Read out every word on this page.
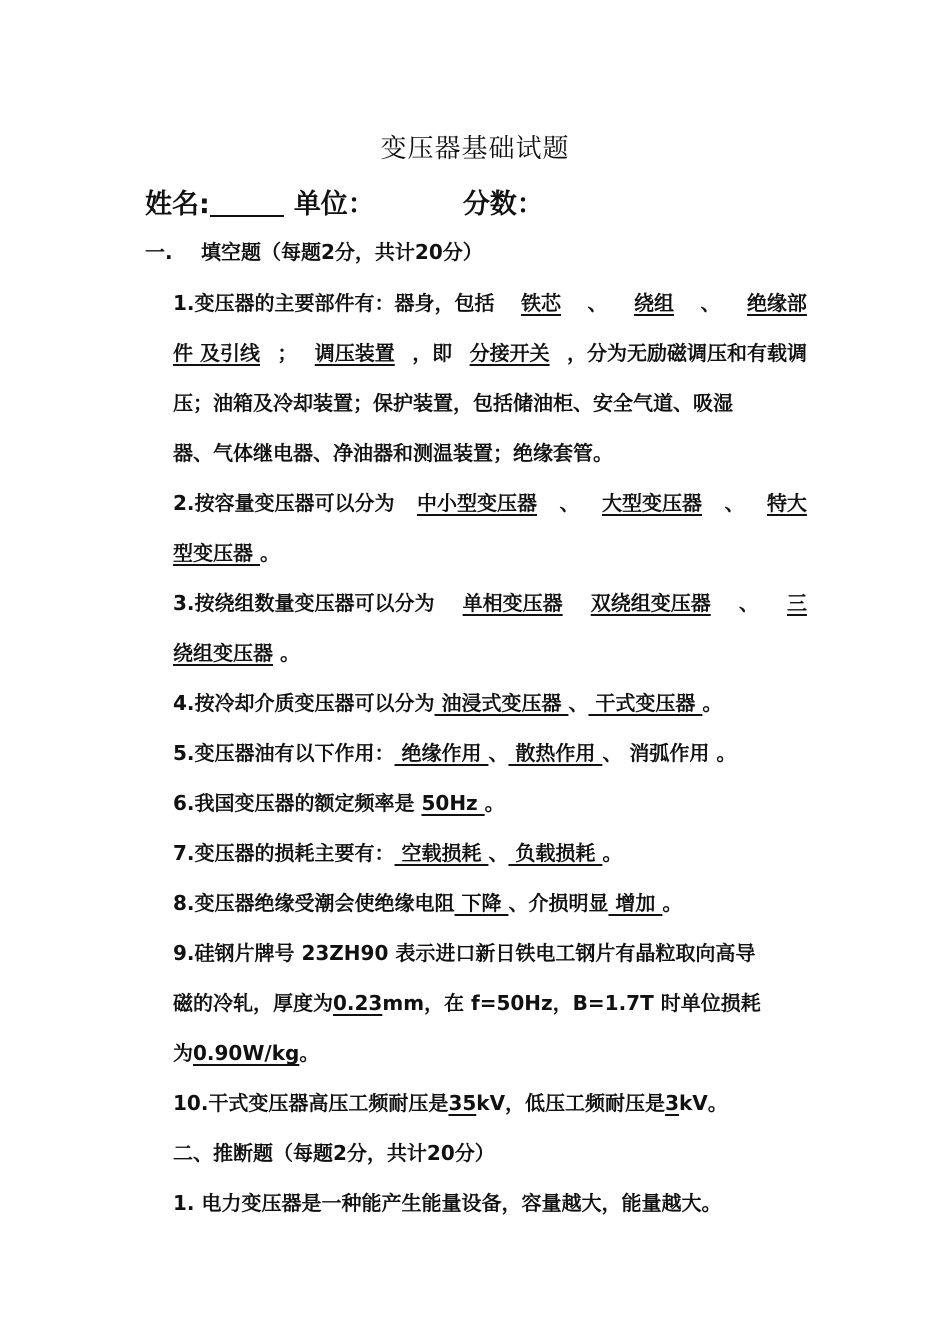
变压器基础试题
姓名:	单位：	分数：
一. 填空题（每题2分，共计20分）
1.变压器的主要部件有：器身，包括 铁芯 、 绕组 、 绝缘部
件 及引线 ； 调压装置 ，即 分接开关 ，分为无励磁调压和有载调
压；油箱及冷却装置；保护装置，包括储油柜、安全气道、吸湿
器、气体继电器、净油器和测温装置；绝缘套管。
2.按容量变压器可以分为 中小型变压器 、 大型变压器 、 特大
型变压器 。
3.按绕组数量变压器可以分为 单相变压器 双绕组变压器 、 三
绕组变压器 。
4.按冷却介质变压器可以分为 油浸式变压器 、 干式变压器 。
5.变压器油有以下作用： 绝缘作用 、 散热作用 、 消弧作用 。
6.我国变压器的额定频率是 50Hz 。
7.变压器的损耗主要有： 空载损耗 、 负载损耗 。
8.变压器绝缘受潮会使绝缘电阻 下降 、介损明显 增加 。
9.硅钢片牌号 23ZH90 表示进口新日铁电工钢片有晶粒取向高导
磁的冷轧，厚度为0.23mm，在 f=50Hz，B=1.7T 时单位损耗
为0.90W/kg。
10.干式变压器高压工频耐压是35kV，低压工频耐压是3kV。
二、推断题（每题2分，共计20分）
1. 电力变压器是一种能产生能量设备，容量越大，能量越大。
